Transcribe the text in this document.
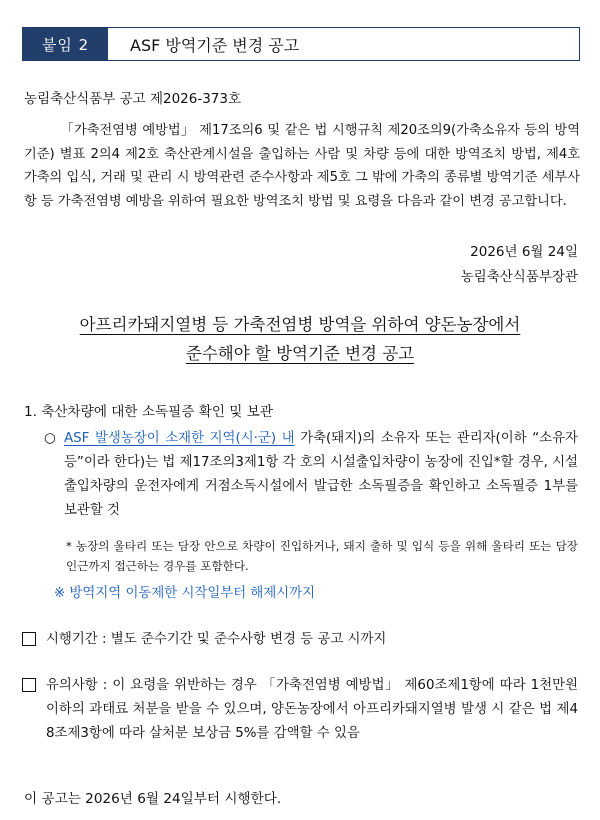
붙임 2	ASF 방역기준 변경 공고
농림축산식품부 공고 제2026-373호

「가축전염병 예방법」 제17조의6 및 같은 법 시행규칙 제20조의9(가축소유자 등의 방역기준) 별표 2의4 제2호 축산관계시설을 출입하는 사람 및 차량 등에 대한 방역조치 방법, 제4호 가축의 입식, 거래 및 관리 시 방역관련 준수사항과 제5호 그 밖에 가축의 종류별 방역기준 세부사항 등 가축전염병 예방을 위하여 필요한 방역조치 방법 및 요령을 다음과 같이 변경 공고합니다.

2026년 6월 24일
농림축산식품부장관
아프리카돼지열병 등 가축전염병 방역을 위하여 양돈농장에서
준수해야 할 방역기준 변경 공고
1. 축산차량에 대한 소독필증 확인 및 보관
○ ASF 발생농장이 소재한 지역(시·군) 내 가축(돼지)의 소유자 또는 관리자(이하 “소유자등”이라 한다)는 법 제17조의3제1항 각 호의 시설출입차량이 농장에 진입*할 경우, 시설출입차량의 운전자에게 거점소독시설에서 발급한 소독필증을 확인하고 소독필증 1부를 보관할 것

* 농장의 울타리 또는 담장 안으로 차량이 진입하거나, 돼지 출하 및 입식 등을 위해 울타리 또는 담장 인근까지 접근하는 경우를 포함한다.

※ 방역지역 이동제한 시작일부터 해제시까지
시행기간 : 별도 준수기간 및 준수사항 변경 등 공고 시까지

유의사항 : 이 요령을 위반하는 경우 「가축전염병 예방법」 제60조제1항에 따라 1천만원 이하의 과태료 처분을 받을 수 있으며, 양돈농장에서 아프리카돼지열병 발생 시 같은 법 제48조제3항에 따라 살처분 보상금 5%를 감액할 수 있음

이 공고는 2026년 6월 24일부터 시행한다.
